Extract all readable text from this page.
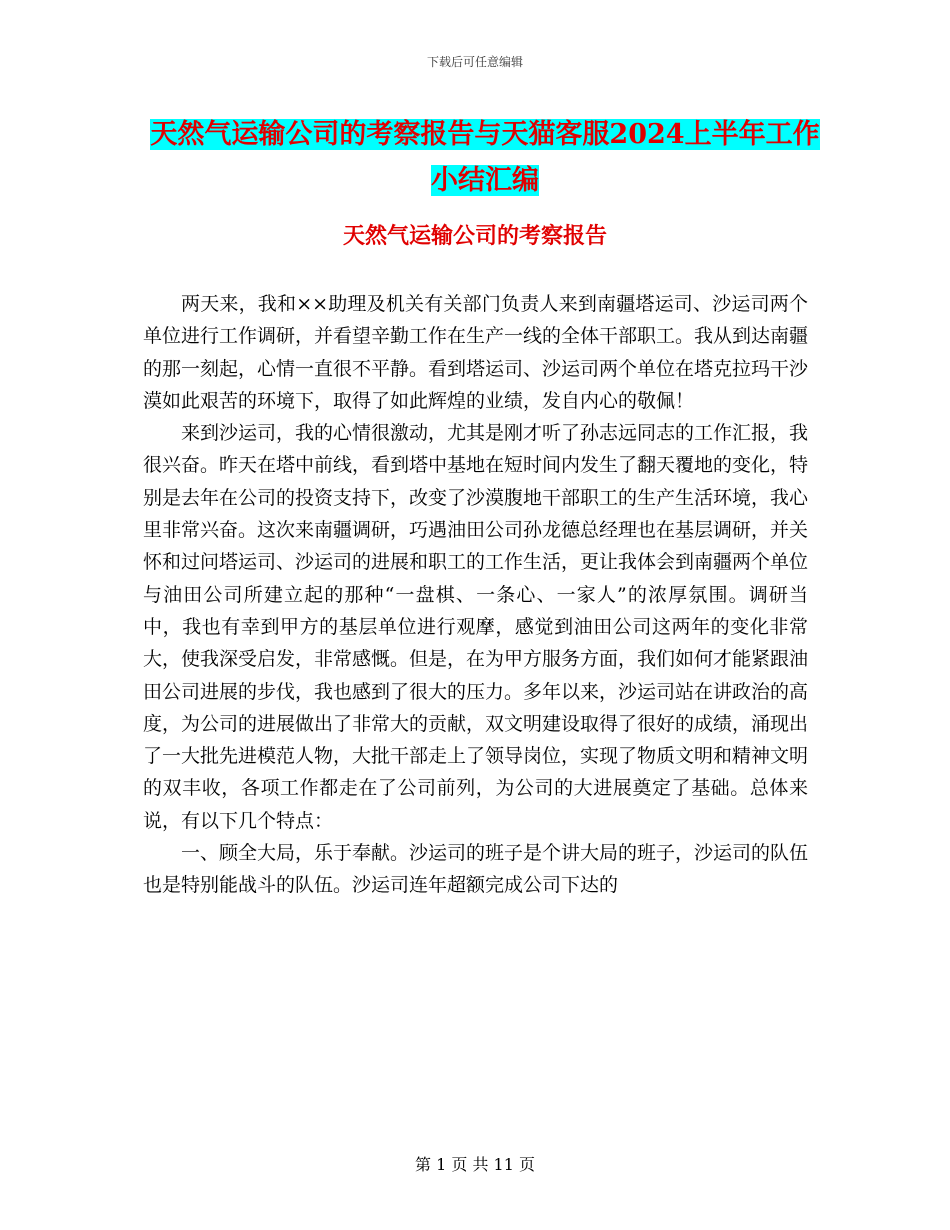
下载后可任意编辑
天然气运输公司的考察报告与天猫客服2024上半年工作小结汇编
天然气运输公司的考察报告

两天来，我和××助理及机关有关部门负责人来到南疆塔运司、沙运司两个单位进行工作调研，并看望辛勤工作在生产一线的全体干部职工。我从到达南疆的那一刻起，心情一直很不平静。看到塔运司、沙运司两个单位在塔克拉玛干沙漠如此艰苦的环境下，取得了如此辉煌的业绩，发自内心的敬佩！

来到沙运司，我的心情很激动，尤其是刚才听了孙志远同志的工作汇报，我很兴奋。昨天在塔中前线，看到塔中基地在短时间内发生了翻天覆地的变化，特别是去年在公司的投资支持下，改变了沙漠腹地干部职工的生产生活环境，我心里非常兴奋。这次来南疆调研，巧遇油田公司孙龙德总经理也在基层调研，并关怀和过问塔运司、沙运司的进展和职工的工作生活，更让我体会到南疆两个单位与油田公司所建立起的那种“一盘棋、一条心、一家人”的浓厚氛围。调研当中，我也有幸到甲方的基层单位进行观摩，感觉到油田公司这两年的变化非常大，使我深受启发，非常感慨。但是，在为甲方服务方面，我们如何才能紧跟油田公司进展的步伐，我也感到了很大的压力。多年以来，沙运司站在讲政治的高度，为公司的进展做出了非常大的贡献，双文明建设取得了很好的成绩，涌现出了一大批先进模范人物，大批干部走上了领导岗位，实现了物质文明和精神文明的双丰收，各项工作都走在了公司前列，为公司的大进展奠定了基础。总体来说，有以下几个特点：

一、顾全大局，乐于奉献。沙运司的班子是个讲大局的班子，沙运司的队伍也是特别能战斗的队伍。沙运司连年超额完成公司下达的

第 1 页 共 11 页
